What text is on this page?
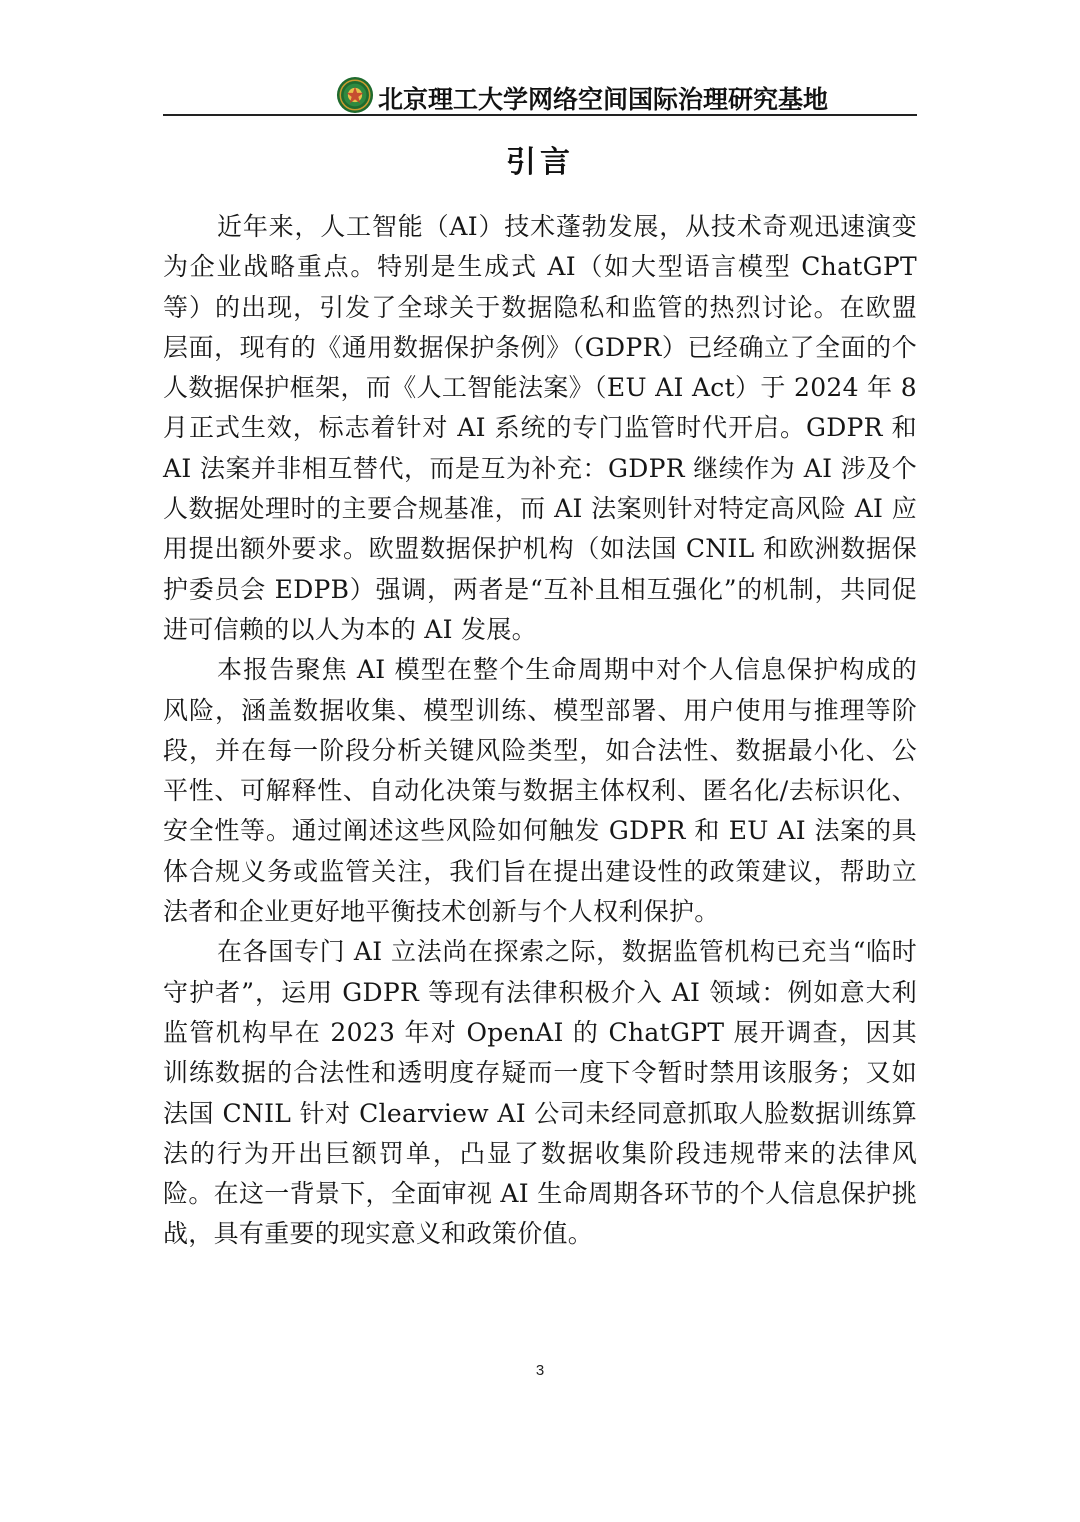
北京理工大学网络空间国际治理研究基地
引言

近年来，人工智能（AI）技术蓬勃发展，从技术奇观迅速演变为企业战略重点。特别是生成式 AI（如大型语言模型 ChatGPT 等）的出现，引发了全球关于数据隐私和监管的热烈讨论。在欧盟层面，现有的《通用数据保护条例》（GDPR）已经确立了全面的个人数据保护框架，而《人工智能法案》（EU AI Act）于 2024 年 8 月正式生效，标志着针对 AI 系统的专门监管时代开启。GDPR 和 AI 法案并非相互替代，而是互为补充：GDPR 继续作为 AI 涉及个人数据处理时的主要合规基准，而 AI 法案则针对特定高风险 AI 应用提出额外要求。欧盟数据保护机构（如法国 CNIL 和欧洲数据保护委员会 EDPB）强调，两者是“互补且相互强化”的机制，共同促进可信赖的以人为本的 AI 发展。

本报告聚焦 AI 模型在整个生命周期中对个人信息保护构成的风险，涵盖数据收集、模型训练、模型部署、用户使用与推理等阶段，并在每一阶段分析关键风险类型，如合法性、数据最小化、公平性、可解释性、自动化决策与数据主体权利、匿名化/去标识化、安全性等。通过阐述这些风险如何触发 GDPR 和 EU AI 法案的具体合规义务或监管关注，我们旨在提出建设性的政策建议，帮助立法者和企业更好地平衡技术创新与个人权利保护。

在各国专门 AI 立法尚在探索之际，数据监管机构已充当“临时守护者”，运用 GDPR 等现有法律积极介入 AI 领域：例如意大利监管机构早在 2023 年对 OpenAI 的 ChatGPT 展开调查，因其训练数据的合法性和透明度存疑而一度下令暂时禁用该服务；又如法国 CNIL 针对 Clearview AI 公司未经同意抓取人脸数据训练算法的行为开出巨额罚单，凸显了数据收集阶段违规带来的法律风险。在这一背景下，全面审视 AI 生命周期各环节的个人信息保护挑战，具有重要的现实意义和政策价值。

3
